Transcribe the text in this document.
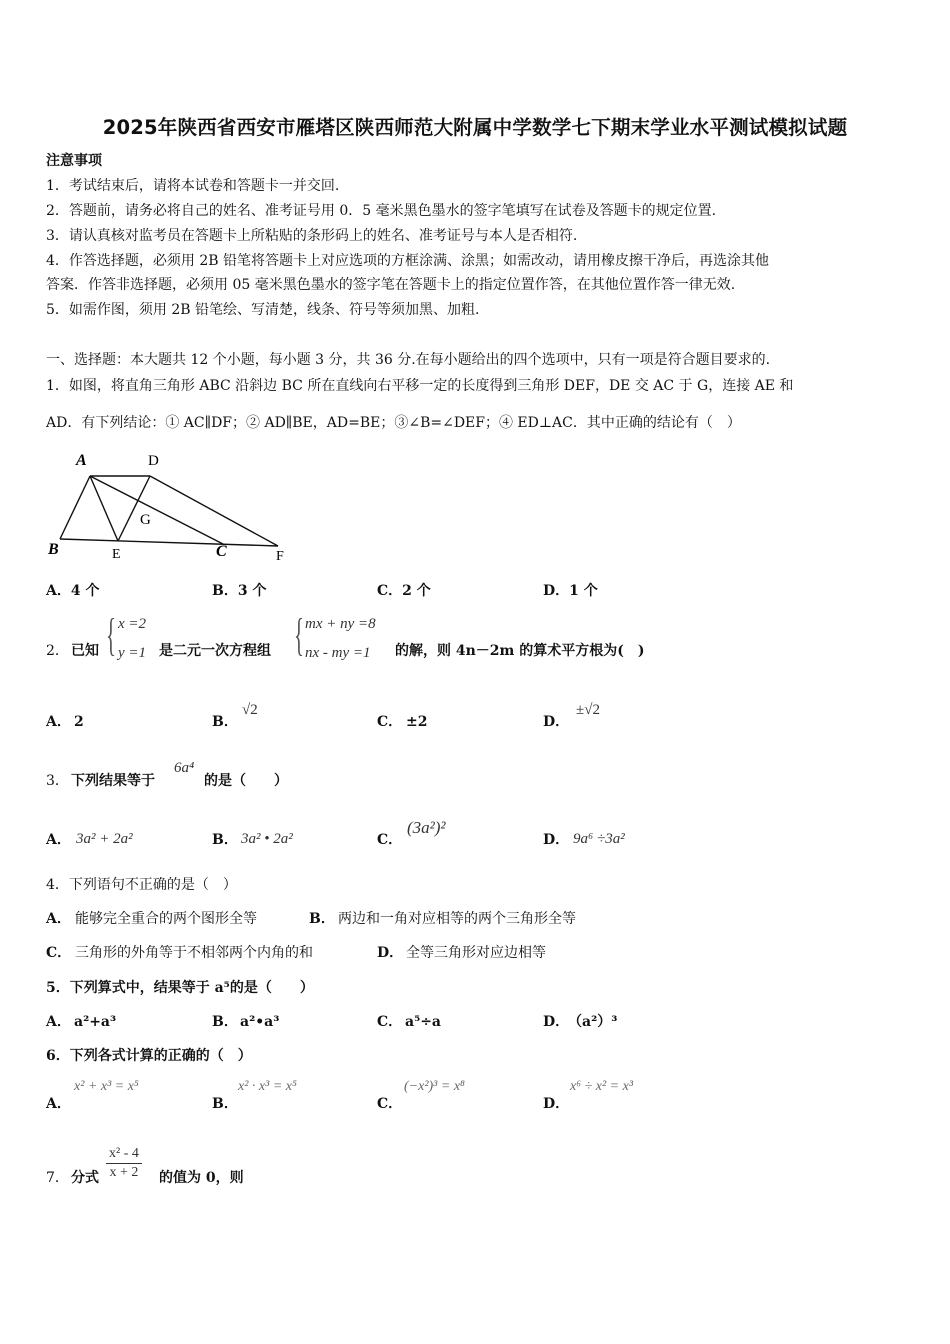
2025年陕西省西安市雁塔区陕西师范大附属中学数学七下期末学业水平测试模拟试题
注意事项
1．考试结束后，请将本试卷和答题卡一并交回.
2．答题前，请务必将自己的姓名、准考证号用 0．5 毫米黑色墨水的签字笔填写在试卷及答题卡的规定位置.
3．请认真核对监考员在答题卡上所粘贴的条形码上的姓名、准考证号与本人是否相符.
4．作答选择题，必须用 2B 铅笔将答题卡上对应选项的方框涂满、涂黑；如需改动，请用橡皮擦干净后，再选涂其他
答案．作答非选择题，必须用 05 毫米黑色墨水的签字笔在答题卡上的指定位置作答，在其他位置作答一律无效.
5．如需作图，须用 2B 铅笔绘、写清楚，线条、符号等须加黑、加粗.
一、选择题：本大题共 12 个小题，每小题 3 分，共 36 分.在每小题给出的四个选项中，只有一项是符合题目要求的.
1．如图，将直角三角形 ABC 沿斜边 BC 所在直线向右平移一定的长度得到三角形 DEF，DE 交 AC 于 G，连接 AE 和
AD．有下列结论：① AC∥DF；② AD∥BE，AD=BE；③∠B=∠DEF；④ ED⊥AC．其中正确的结论有（　）
A	D
G
B	E	C	F
A．4 个	B．3 个	C．2 个	D．1 个
2． 已知 { x =2
y =1 是二元一次方程组 { mx + ny =8
nx - my =1 的解，则 4n－2m 的算术平方根为(　)
A． 2	B．
√2
C． ±2	D．
±√2
3． 下列结果等于
6a⁴
的是（　　）
A． 3a² + 2a²	B． 3a² • 2a²	C．
(3a²)²
D． 9a⁶ ÷3a²
4．下列语句不正确的是（　）
A． 能够完全重合的两个图形全等	B． 两边和一角对应相等的两个三角形全等
C． 三角形的外角等于不相邻两个内角的和	D． 全等三角形对应边相等
5．下列算式中，结果等于 a⁵的是（　　）
A． a²+a³	B． a²•a³	C． a⁵÷a	D．
（a²）³
6．下列各式计算的正确的（　）
A．
x² + x³ = x⁵
B．
x² · x³ = x⁵
C．
(−x²)³ = x⁸
D．
x⁶ ÷ x² = x³
7． 分式 $\frac{\text{x² - 4}}{x + 2}$ 的值为 0，则
